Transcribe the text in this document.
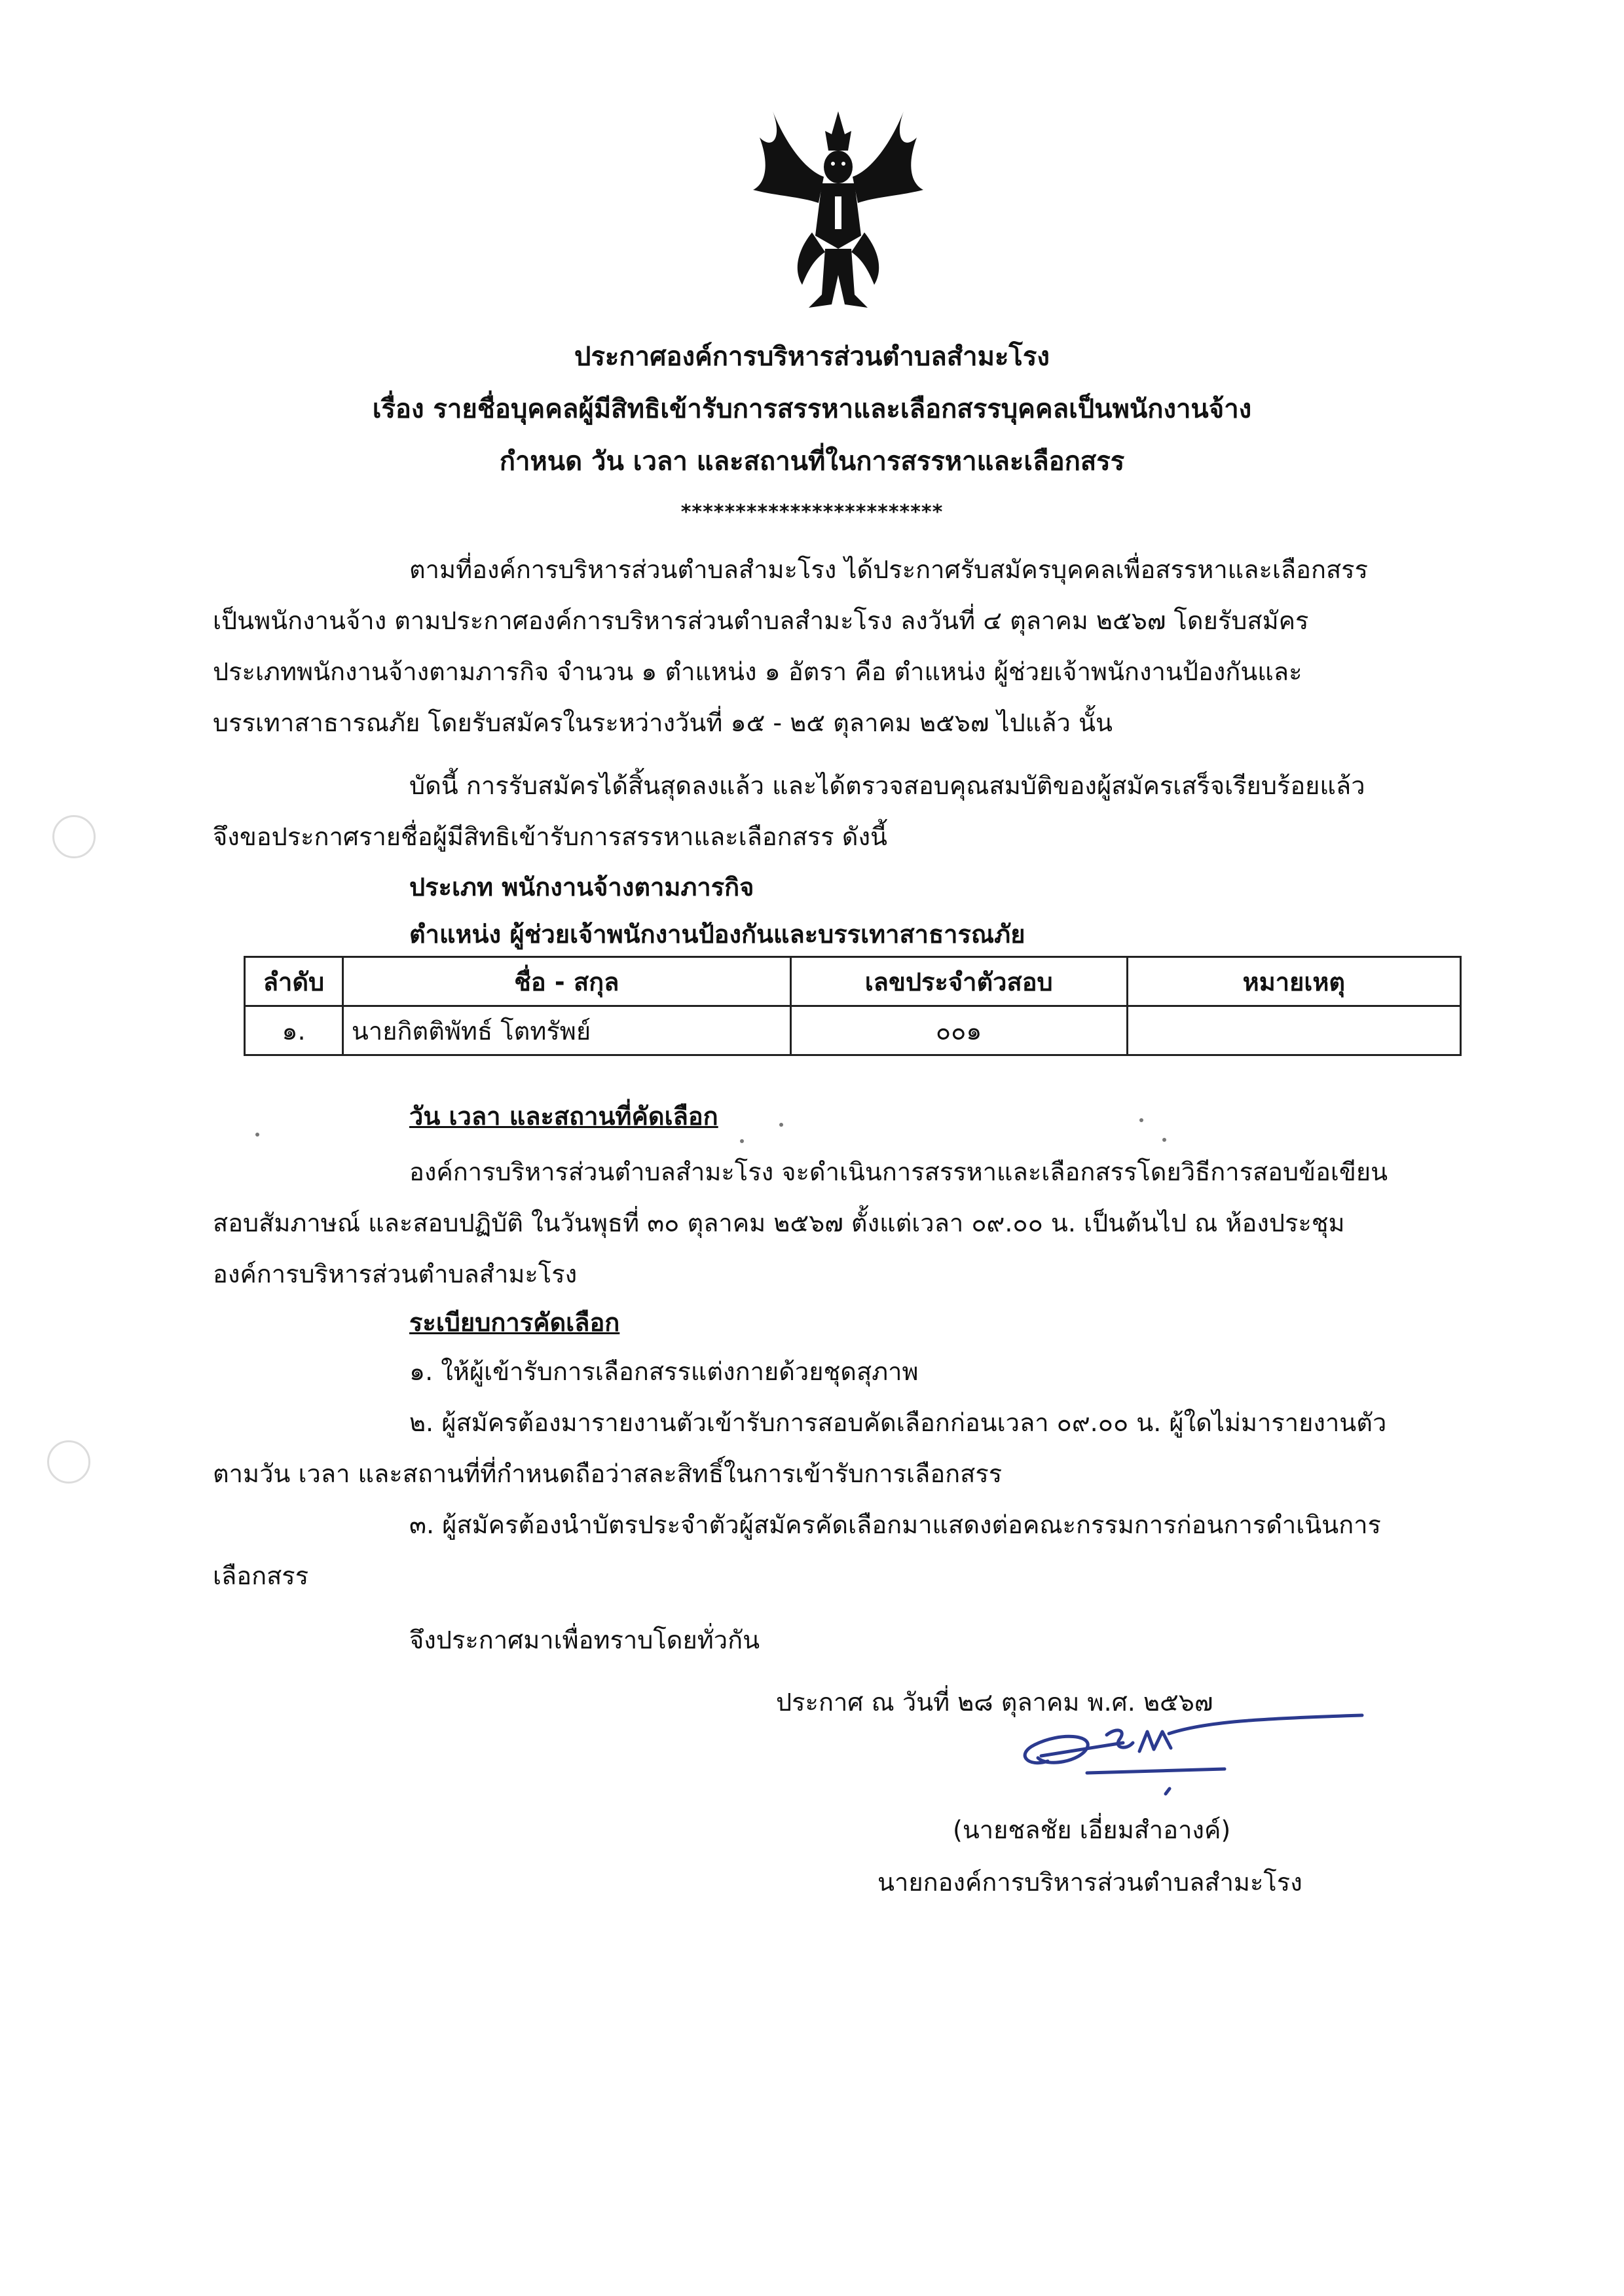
ประกาศองค์การบริหารส่วนตำบลสำมะโรง
เรื่อง รายชื่อบุคคลผู้มีสิทธิเข้ารับการสรรหาและเลือกสรรบุคคลเป็นพนักงานจ้าง
กำหนด วัน เวลา และสถานที่ในการสรรหาและเลือกสรร
************************
ตามที่องค์การบริหารส่วนตำบลสำมะโรง ได้ประกาศรับสมัครบุคคลเพื่อสรรหาและเลือกสรร
เป็นพนักงานจ้าง ตามประกาศองค์การบริหารส่วนตำบลสำมะโรง ลงวันที่ ๔ ตุลาคม ๒๕๖๗ โดยรับสมัคร
ประเภทพนักงานจ้างตามภารกิจ จำนวน ๑ ตำแหน่ง ๑ อัตรา คือ ตำแหน่ง ผู้ช่วยเจ้าพนักงานป้องกันและ
บรรเทาสาธารณภัย โดยรับสมัครในระหว่างวันที่ ๑๕ - ๒๕ ตุลาคม ๒๕๖๗ ไปแล้ว นั้น
บัดนี้ การรับสมัครได้สิ้นสุดลงแล้ว และได้ตรวจสอบคุณสมบัติของผู้สมัครเสร็จเรียบร้อยแล้ว
จึงขอประกาศรายชื่อผู้มีสิทธิเข้ารับการสรรหาและเลือกสรร ดังนี้
ประเภท พนักงานจ้างตามภารกิจ
ตำแหน่ง ผู้ช่วยเจ้าพนักงานป้องกันและบรรเทาสาธารณภัย
ลำดับ	ชื่อ - สกุล	เลขประจำตัวสอบ	หมายเหตุ
๑.	นายกิตติพัทธ์ โตทรัพย์	๐๐๑	
วัน เวลา และสถานที่คัดเลือก
องค์การบริหารส่วนตำบลสำมะโรง จะดำเนินการสรรหาและเลือกสรรโดยวิธีการสอบข้อเขียน
สอบสัมภาษณ์ และสอบปฏิบัติ ในวันพุธที่ ๓๐ ตุลาคม ๒๕๖๗ ตั้งแต่เวลา ๐๙.๐๐ น. เป็นต้นไป ณ ห้องประชุม
องค์การบริหารส่วนตำบลสำมะโรง
ระเบียบการคัดเลือก
๑. ให้ผู้เข้ารับการเลือกสรรแต่งกายด้วยชุดสุภาพ
๒. ผู้สมัครต้องมารายงานตัวเข้ารับการสอบคัดเลือกก่อนเวลา ๐๙.๐๐ น. ผู้ใดไม่มารายงานตัว
ตามวัน เวลา และสถานที่ที่กำหนดถือว่าสละสิทธิ์ในการเข้ารับการเลือกสรร
๓. ผู้สมัครต้องนำบัตรประจำตัวผู้สมัครคัดเลือกมาแสดงต่อคณะกรรมการก่อนการดำเนินการ
เลือกสรร
จึงประกาศมาเพื่อทราบโดยทั่วกัน
ประกาศ ณ วันที่ ๒๘ ตุลาคม พ.ศ. ๒๕๖๗
(นายชลชัย เอี่ยมสำอางค์)
นายกองค์การบริหารส่วนตำบลสำมะโรง
